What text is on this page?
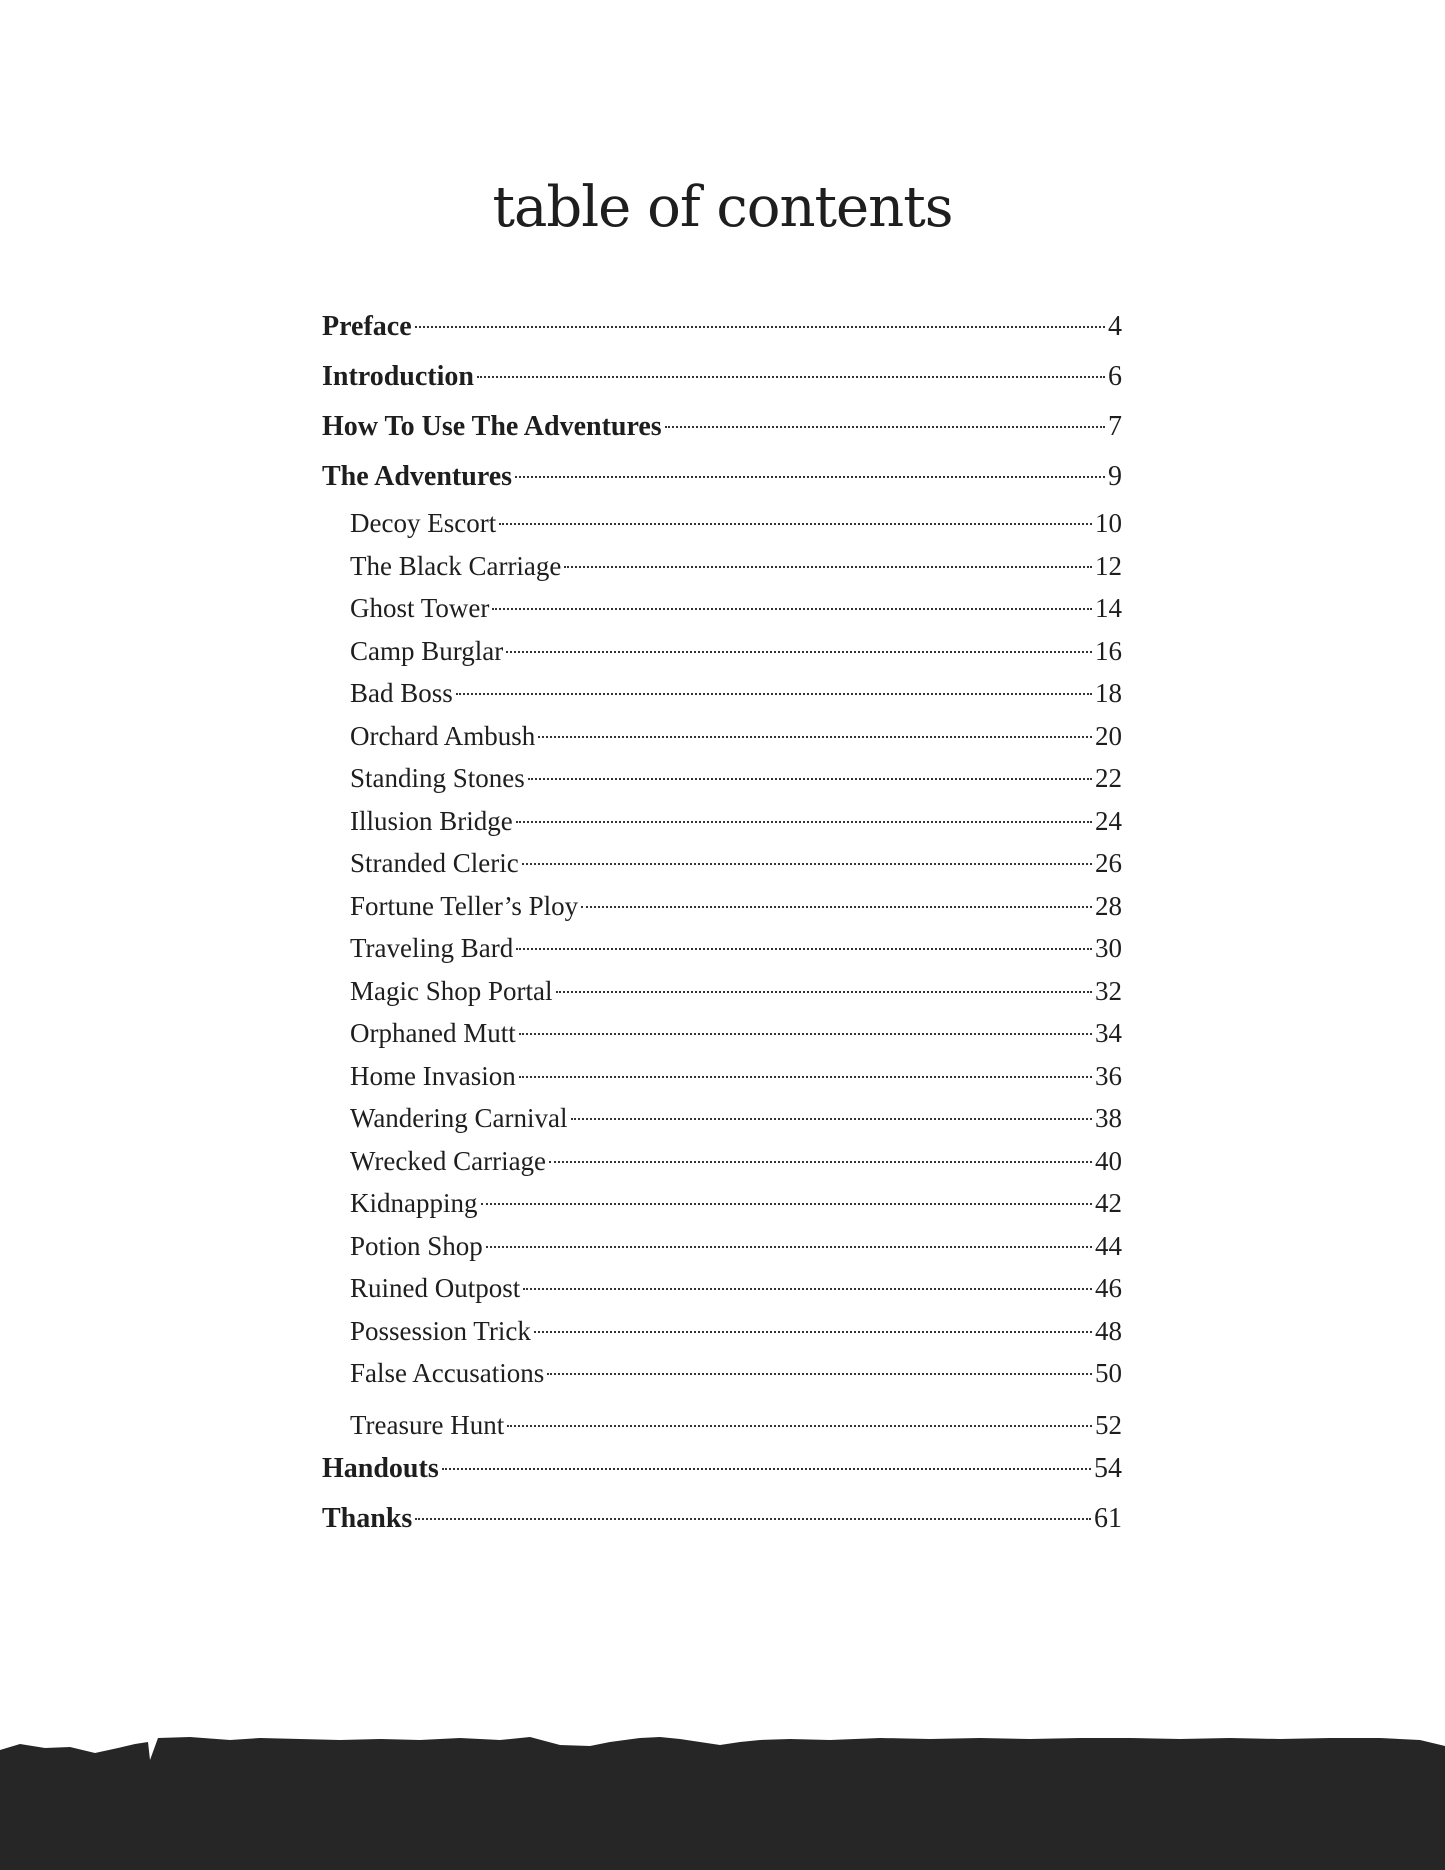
table of contents
Preface	4
Introduction	6
How To Use The Adventures	7
The Adventures	9
Decoy Escort	10
The Black Carriage	12
Ghost Tower	14
Camp Burglar	16
Bad Boss	18
Orchard Ambush	20
Standing Stones	22
Illusion Bridge	24
Stranded Cleric	26
Fortune Teller’s Ploy	28
Traveling Bard	30
Magic Shop Portal	32
Orphaned Mutt	34
Home Invasion	36
Wandering Carnival	38
Wrecked Carriage	40
Kidnapping	42
Potion Shop	44
Ruined Outpost	46
Possession Trick	48
False Accusations	50
Treasure Hunt	52
Handouts	54
Thanks	61
